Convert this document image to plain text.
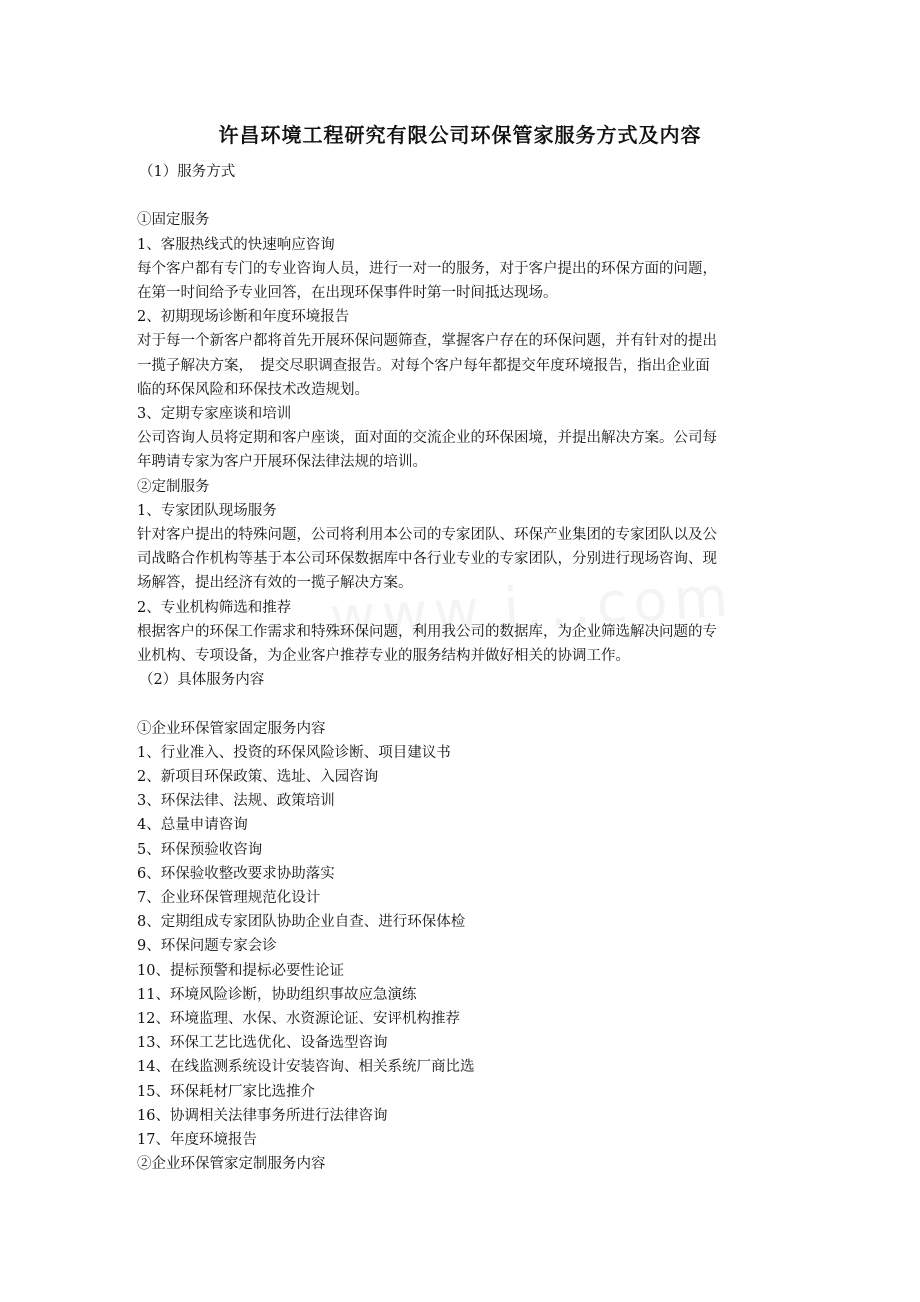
许昌环境工程研究有限公司环保管家服务方式及内容

（1）服务方式

①固定服务

1、客服热线式的快速响应咨询

每个客户都有专门的专业咨询人员，进行一对一的服务，对于客户提出的环保方面的问题，

在第一时间给予专业回答，在出现环保事件时第一时间抵达现场。

2、初期现场诊断和年度环境报告

对于每一个新客户都将首先开展环保问题筛查，掌握客户存在的环保问题，并有针对的提出

一揽子解决方案，　提交尽职调查报告。对每个客户每年都提交年度环境报告，指出企业面

临的环保风险和环保技术改造规划。

3、定期专家座谈和培训

公司咨询人员将定期和客户座谈，面对面的交流企业的环保困境，并提出解决方案。公司每

年聘请专家为客户开展环保法律法规的培训。

②定制服务

1、专家团队现场服务

针对客户提出的特殊问题，公司将利用本公司的专家团队、环保产业集团的专家团队以及公

司战略合作机构等基于本公司环保数据库中各行业专业的专家团队，分别进行现场咨询、现

场解答，提出经济有效的一揽子解决方案。

2、专业机构筛选和推荐

根据客户的环保工作需求和特殊环保问题，利用我公司的数据库，为企业筛选解决问题的专

业机构、专项设备，为企业客户推荐专业的服务结构并做好相关的协调工作。

（2）具体服务内容

①企业环保管家固定服务内容

1、行业准入、投资的环保风险诊断、项目建议书

2、新项目环保政策、选址、入园咨询

3、环保法律、法规、政策培训

4、总量申请咨询

5、环保预验收咨询

6、环保验收整改要求协助落实

7、企业环保管理规范化设计

8、定期组成专家团队协助企业自查、进行环保体检

9、环保问题专家会诊

10、提标预警和提标必要性论证

11、环境风险诊断，协助组织事故应急演练

12、环境监理、水保、水资源论证、安评机构推荐

13、环保工艺比选优化、设备选型咨询

14、在线监测系统设计安装咨询、相关系统厂商比选

15、环保耗材厂家比选推介

16、协调相关法律事务所进行法律咨询

17、年度环境报告

②企业环保管家定制服务内容
